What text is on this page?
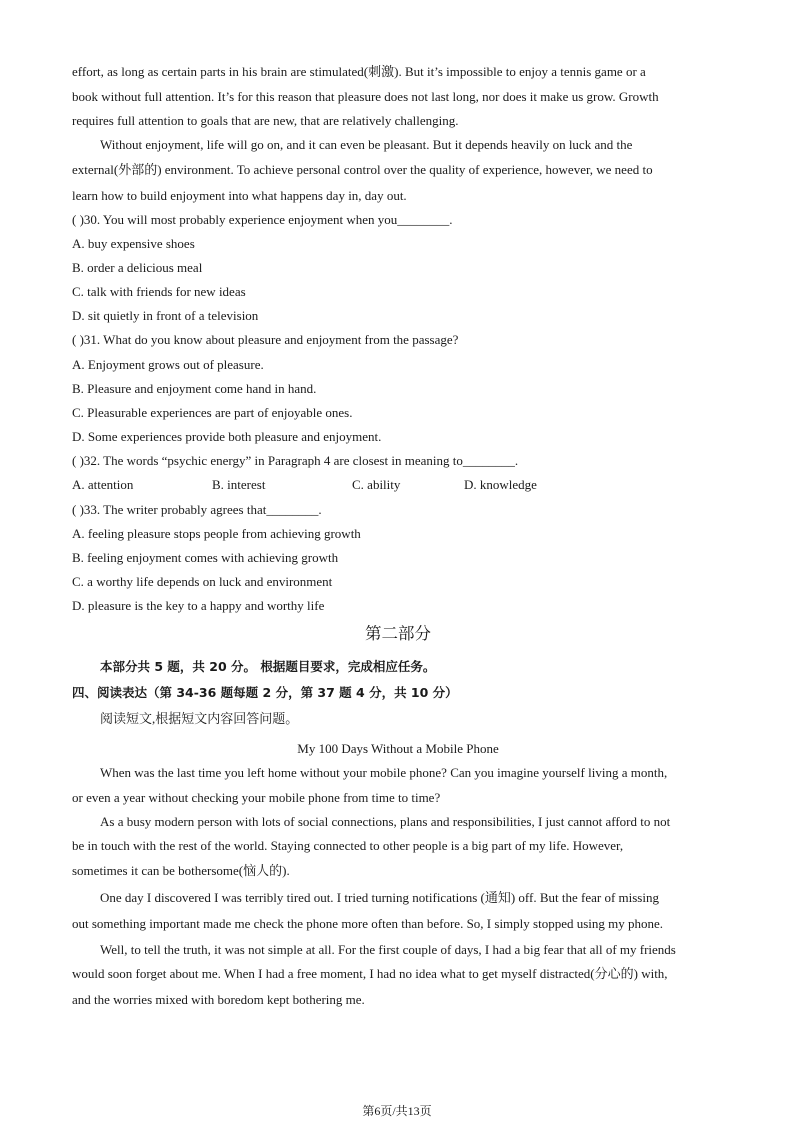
effort, as long as certain parts in his brain are stimulated(刺激). But it’s impossible to enjoy a tennis game or a
book without full attention. It’s for this reason that pleasure does not last long, nor does it make us grow. Growth
requires full attention to goals that are new, that are relatively challenging.
Without enjoyment, life will go on, and it can even be pleasant. But it depends heavily on luck and the
external(外部的) environment. To achieve personal control over the quality of experience, however, we need to
learn how to build enjoyment into what happens day in, day out.
( )30. You will most probably experience enjoyment when you________.
A. buy expensive shoes
B. order a delicious meal
C. talk with friends for new ideas
D. sit quietly in front of a television
( )31. What do you know about pleasure and enjoyment from the passage?
A. Enjoyment grows out of pleasure.
B. Pleasure and enjoyment come hand in hand.
C. Pleasurable experiences are part of enjoyable ones.
D. Some experiences provide both pleasure and enjoyment.
( )32. The words “psychic energy” in Paragraph 4 are closest in meaning to________.
A. attention	B. interest	C. ability	D. knowledge
( )33. The writer probably agrees that________.
A. feeling pleasure stops people from achieving growth
B. feeling enjoyment comes with achieving growth
C. a worthy life depends on luck and environment
D. pleasure is the key to a happy and worthy life
第二部分
本部分共 5 题，共 20 分。 根据题目要求，完成相应任务。
四、阅读表达（第 34-36 题每题 2 分，第 37 题 4 分，共 10 分）
阅读短文,根据短文内容回答问题。
My 100 Days Without a Mobile Phone
When was the last time you left home without your mobile phone? Can you imagine yourself living a month,
or even a year without checking your mobile phone from time to time?
As a busy modern person with lots of social connections, plans and responsibilities, I just cannot afford to not
be in touch with the rest of the world. Staying connected to other people is a big part of my life. However,
sometimes it can be bothersome(恼人的).
One day I discovered I was terribly tired out. I tried turning notifications (通知) off. But the fear of missing
out something important made me check the phone more often than before. So, I simply stopped using my phone.
Well, to tell the truth, it was not simple at all. For the first couple of days, I had a big fear that all of my friends
would soon forget about me. When I had a free moment, I had no idea what to get myself distracted(分心的) with,
and the worries mixed with boredom kept bothering me.
第6页/共13页
